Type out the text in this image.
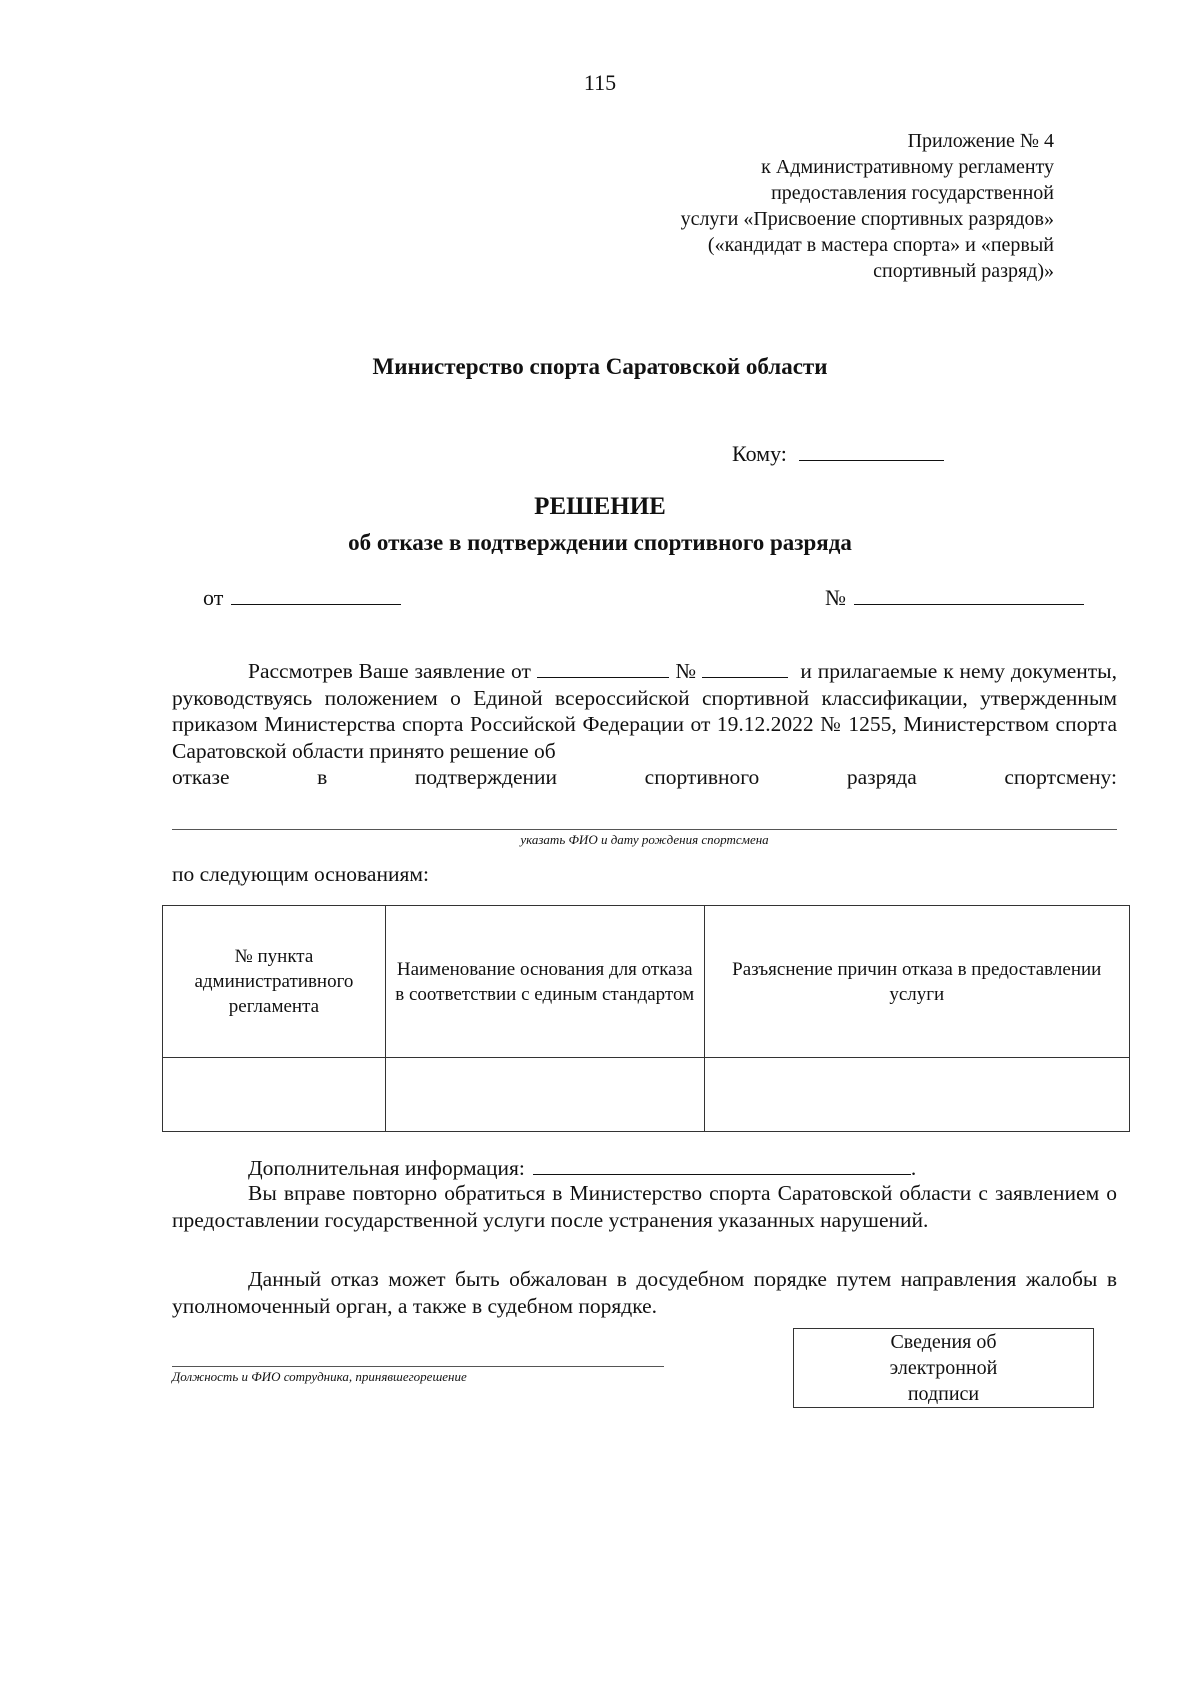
115
Приложение № 4
к Административному регламенту
предоставления государственной
услуги «Присвоение спортивных разрядов»
(«кандидат в мастера спорта» и «первый
спортивный разряд)»
Министерство спорта Саратовской области
Кому:
РЕШЕНИЕ
об отказе в подтверждении спортивного разряда
от	№
Рассмотрев Ваше заявление от	№	и прилагаемые к нему документы, руководствуясь положением о Единой всероссийской спортивной классификации, утвержденным приказом Министерства спорта Российской Федерации от 19.12.2022 № 1255, Министерством спорта Саратовской области принято решение об
отказе	в	подтверждении	спортивного	разряда	спортсмену:
указать ФИО и дату рождения спортсмена
по следующим основаниям:
№ пункта административного регламента	Наименование основания для отказа в соответствии с единым стандартом	Разъяснение причин отказа в предоставлении услуги

Дополнительная информация:	.
Вы вправе повторно обратиться в Министерство спорта Саратовской области с заявлением о предоставлении государственной услуги после устранения указанных нарушений.
Данный отказ может быть обжалован в досудебном порядке путем направления жалобы в уполномоченный орган, а также в судебном порядке.
Должность и ФИО сотрудника, принявшегорешение
Сведения об
электронной
подписи
